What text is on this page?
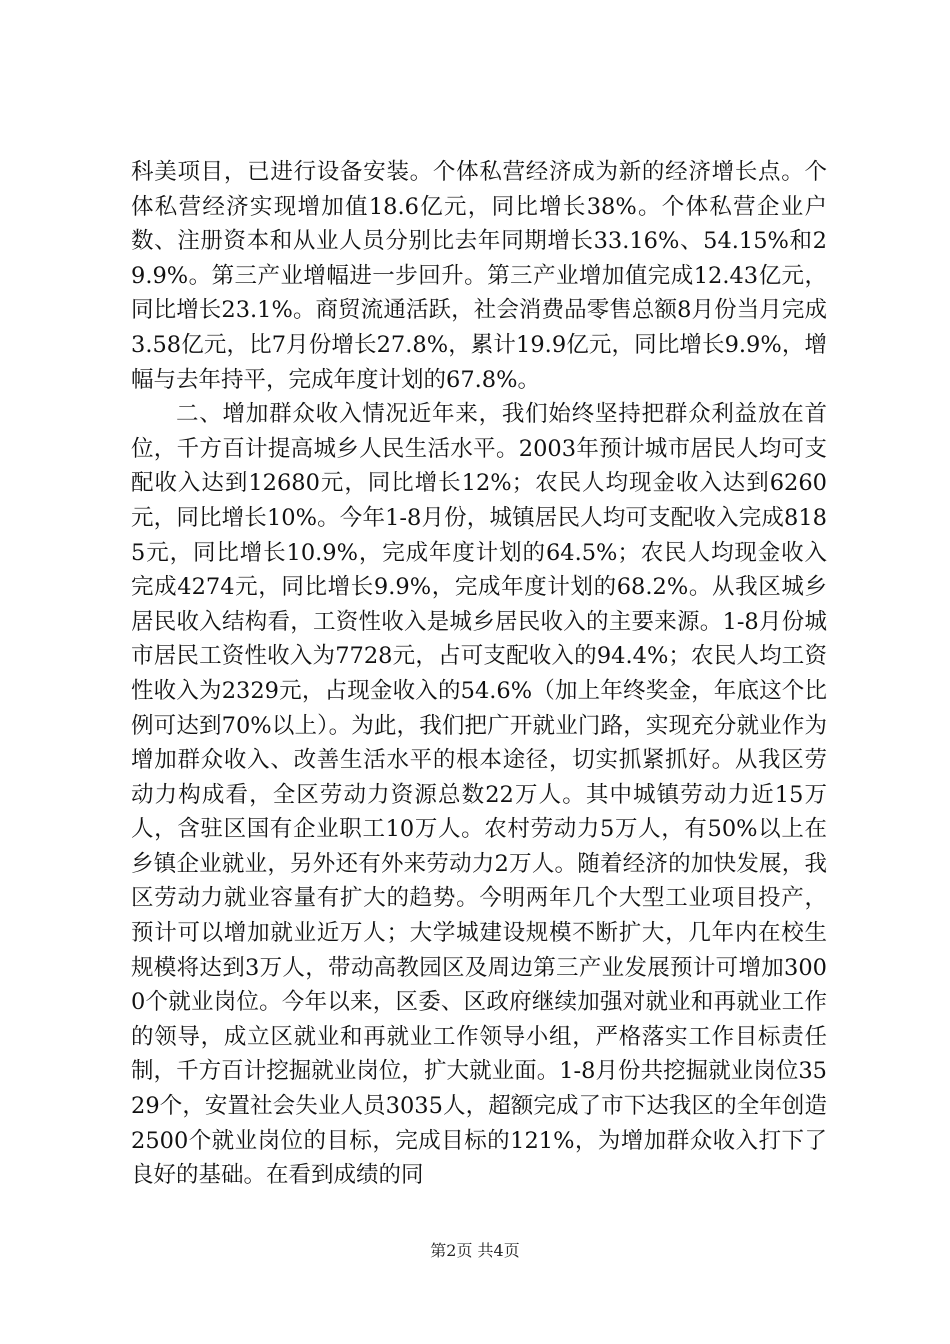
科美项目，已进行设备安装。个体私营经济成为新的经济增长点。个体私营经济实现增加值18.6亿元，同比增长38%。个体私营企业户数、注册资本和从业人员分别比去年同期增长33.16%、54.15%和29.9%。第三产业增幅进一步回升。第三产业增加值完成12.43亿元，同比增长23.1%。商贸流通活跃，社会消费品零售总额8月份当月完成3.58亿元，比7月份增长27.8%，累计19.9亿元，同比增长9.9%，增幅与去年持平，完成年度计划的67.8%。

二、增加群众收入情况近年来，我们始终坚持把群众利益放在首位，千方百计提高城乡人民生活水平。2003年预计城市居民人均可支配收入达到12680元，同比增长12%；农民人均现金收入达到6260元，同比增长10%。今年1-8月份，城镇居民人均可支配收入完成8185元，同比增长10.9%，完成年度计划的64.5%；农民人均现金收入完成4274元，同比增长9.9%，完成年度计划的68.2%。从我区城乡居民收入结构看，工资性收入是城乡居民收入的主要来源。1-8月份城市居民工资性收入为7728元，占可支配收入的94.4%；农民人均工资性收入为2329元，占现金收入的54.6%（加上年终奖金，年底这个比例可达到70%以上）。为此，我们把广开就业门路，实现充分就业作为增加群众收入、改善生活水平的根本途径，切实抓紧抓好。从我区劳动力构成看，全区劳动力资源总数22万人。其中城镇劳动力近15万人，含驻区国有企业职工10万人。农村劳动力5万人，有50%以上在乡镇企业就业，另外还有外来劳动力2万人。随着经济的加快发展，我区劳动力就业容量有扩大的趋势。今明两年几个大型工业项目投产，预计可以增加就业近万人；大学城建设规模不断扩大，几年内在校生规模将达到3万人，带动高教园区及周边第三产业发展预计可增加3000个就业岗位。今年以来，区委、区政府继续加强对就业和再就业工作的领导，成立区就业和再就业工作领导小组，严格落实工作目标责任制，千方百计挖掘就业岗位，扩大就业面。1-8月份共挖掘就业岗位3529个，安置社会失业人员3035人，超额完成了市下达我区的全年创造2500个就业岗位的目标，完成目标的121%，为增加群众收入打下了良好的基础。在看到成绩的同

第2页 共4页
